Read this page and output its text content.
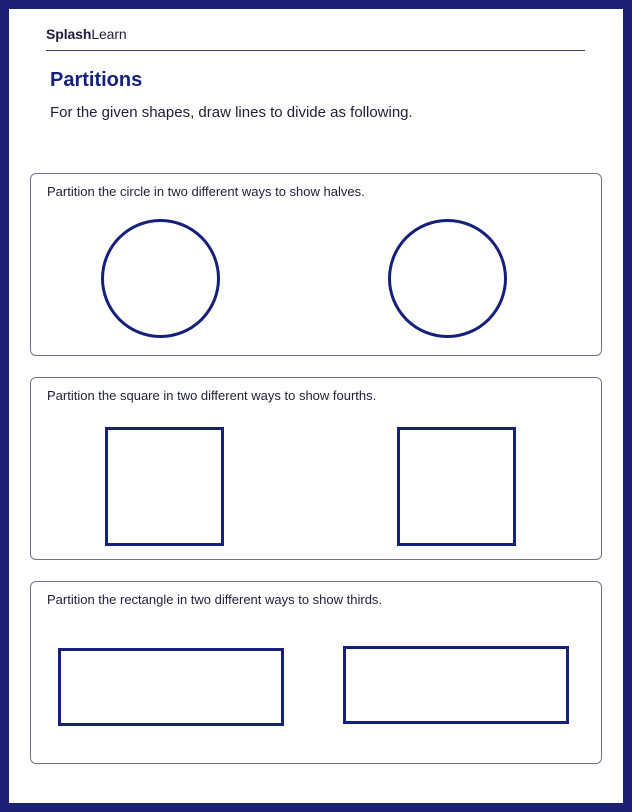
SplashLearn
Partitions
For the given shapes, draw lines to divide as following.
Partition the circle in two different ways to show halves.
Partition the square in two different ways to show fourths.
Partition the rectangle in two different ways to show thirds.
